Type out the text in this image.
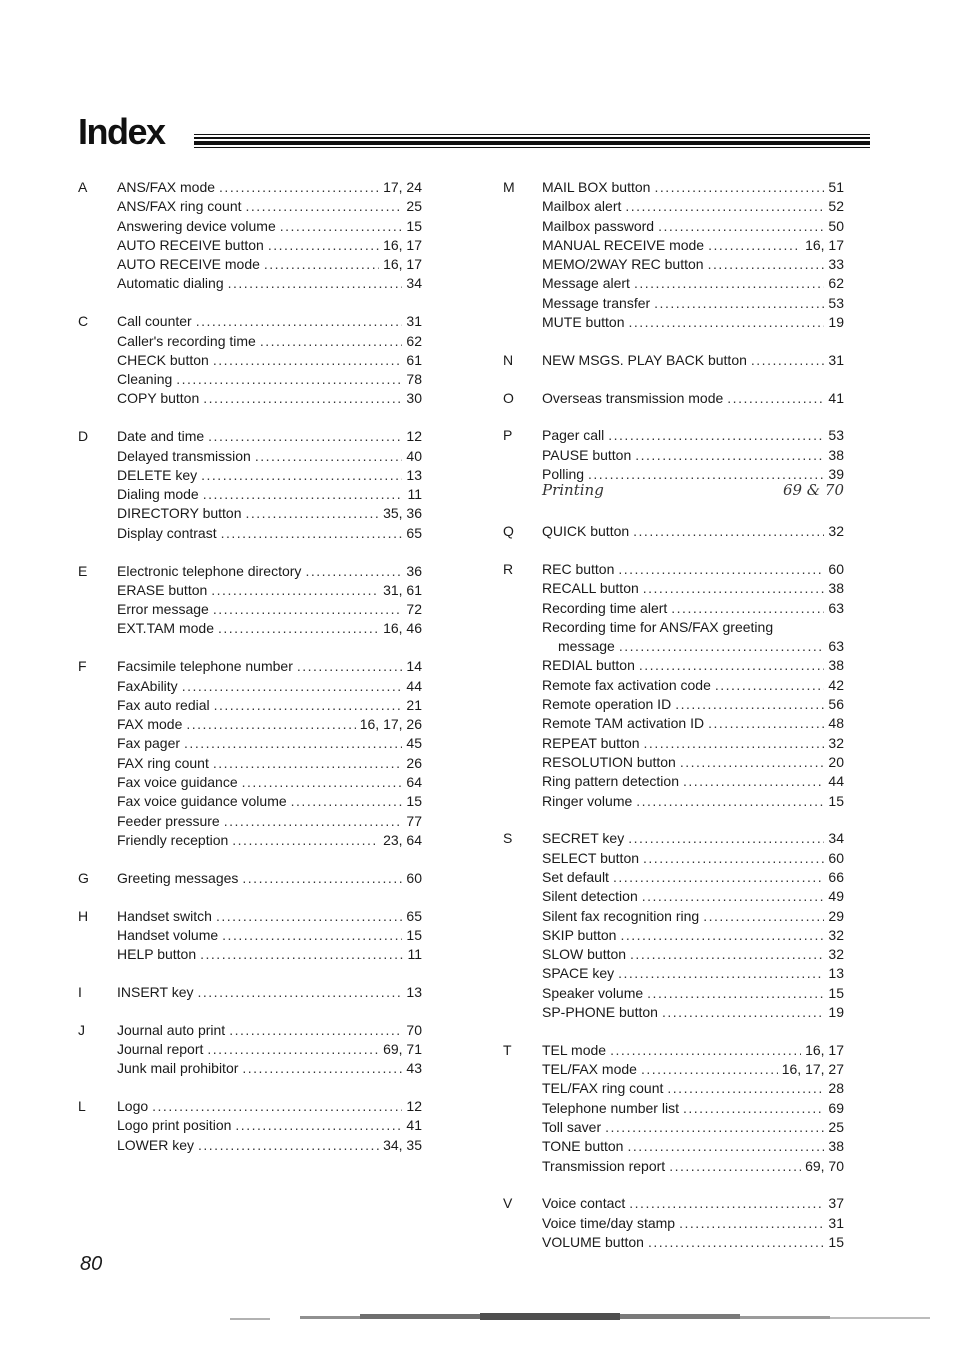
Index
A	ANS/FAX mode .....	17, 24
ANS/FAX ring count .....	25
Answering device volume .....	15
AUTO RECEIVE button .....	16, 17
AUTO RECEIVE mode .....	16, 17
Automatic dialing .....	34
C	Call counter .....	31
Caller's recording time .....	62
CHECK button .....	61
Cleaning .....	78
COPY button .....	30
D	Date and time .....	12
Delayed transmission .....	40
DELETE key .....	13
Dialing mode .....	11
DIRECTORY button .....	35, 36
Display contrast .....	65
E	Electronic telephone directory .....	36
ERASE button .....	31, 61
Error message .....	72
EXT.TAM mode .....	16, 46
F	Facsimile telephone number .....	14
FaxAbility .....	44
Fax auto redial .....	21
FAX mode .....	16, 17, 26
Fax pager .....	45
FAX ring count .....	26
Fax voice guidance .....	64
Fax voice guidance volume .....	15
Feeder pressure .....	77
Friendly reception .....	23, 64
G	Greeting messages .....	60
H	Handset switch .....	65
Handset volume .....	15
HELP button .....	11
I	INSERT key .....	13
J	Journal auto print .....	70
Journal report .....	69, 71
Junk mail prohibitor .....	43
L	Logo .....	12
Logo print position .....	41
LOWER key .....	34, 35
M	MAIL BOX button .....	51
Mailbox alert .....	52
Mailbox password .....	50
MANUAL RECEIVE mode .....	16, 17
MEMO/2WAY REC button .....	33
Message alert .....	62
Message transfer .....	53
MUTE button .....	19
N	NEW MSGS. PLAY BACK button .....	31
O	Overseas transmission mode .....	41
P	Pager call .....	53
PAUSE button .....	38
Polling .....	39
Printing	69 & 70
Q	QUICK button .....	32
R	REC button .....	60
RECALL button .....	38
Recording time alert .....	63
Recording time for ANS/FAX greeting
message .....	63
REDIAL button .....	38
Remote fax activation code .....	42
Remote operation ID .....	56
Remote TAM activation ID .....	48
REPEAT button .....	32
RESOLUTION button .....	20
Ring pattern detection .....	44
Ringer volume .....	15
S	SECRET key .....	34
SELECT button .....	60
Set default .....	66
Silent detection .....	49
Silent fax recognition ring .....	29
SKIP button .....	32
SLOW button .....	32
SPACE key .....	13
Speaker volume .....	15
SP-PHONE button .....	19
T	TEL mode .....	16, 17
TEL/FAX mode .....	16, 17, 27
TEL/FAX ring count .....	28
Telephone number list .....	69
Toll saver .....	25
TONE button .....	38
Transmission report .....	69, 70
V	Voice contact .....	37
Voice time/day stamp .....	31
VOLUME button .....	15

80
